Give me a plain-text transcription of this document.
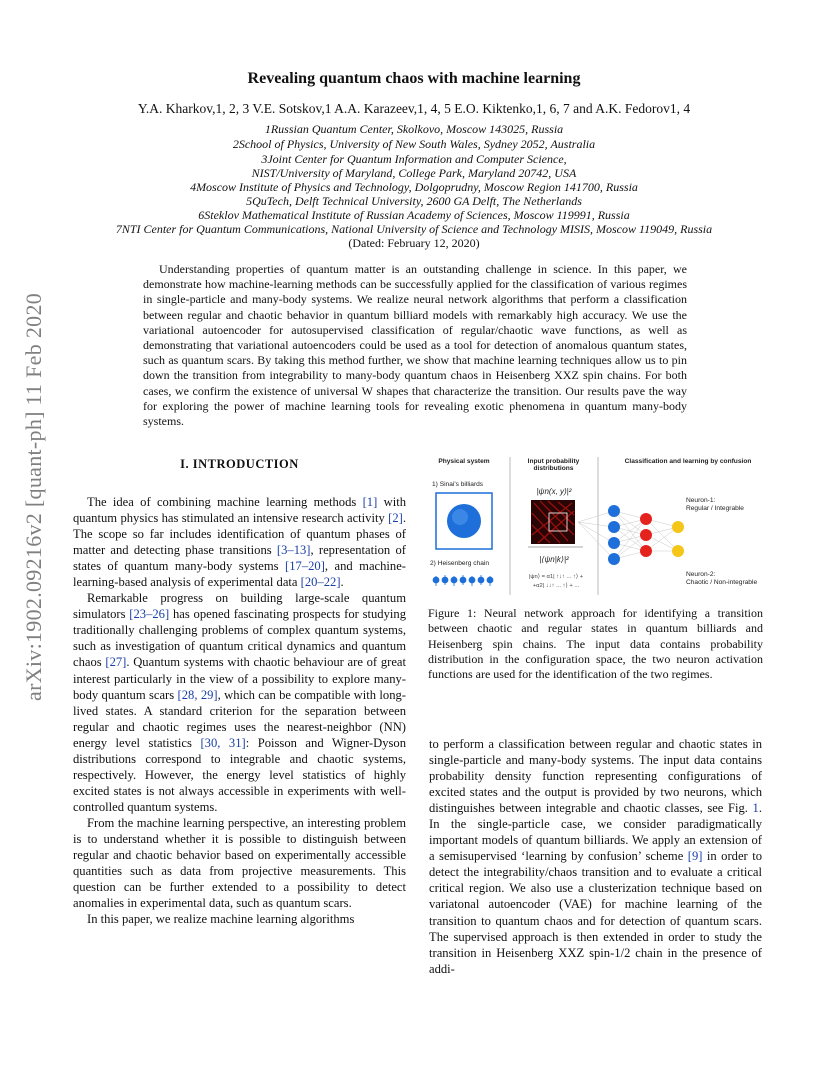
arXiv:1902.09216v2 [quant-ph] 11 Feb 2020
Revealing quantum chaos with machine learning
Y.A. Kharkov,1, 2, 3 V.E. Sotskov,1 A.A. Karazeev,1, 4, 5 E.O. Kiktenko,1, 6, 7 and A.K. Fedorov1, 4
1Russian Quantum Center, Skolkovo, Moscow 143025, Russia
2School of Physics, University of New South Wales, Sydney 2052, Australia
3Joint Center for Quantum Information and Computer Science,
NIST/University of Maryland, College Park, Maryland 20742, USA
4Moscow Institute of Physics and Technology, Dolgoprudny, Moscow Region 141700, Russia
5QuTech, Delft Technical University, 2600 GA Delft, The Netherlands
6Steklov Mathematical Institute of Russian Academy of Sciences, Moscow 119991, Russia
7NTI Center for Quantum Communications, National University of Science and Technology MISIS, Moscow 119049, Russia
(Dated: February 12, 2020)
Understanding properties of quantum matter is an outstanding challenge in science. In this paper, we demonstrate how machine-learning methods can be successfully applied for the classification of various regimes in single-particle and many-body systems. We realize neural network algorithms that perform a classification between regular and chaotic behavior in quantum billiard models with remarkably high accuracy. We use the variational autoencoder for autosupervised classification of regular/chaotic wave functions, as well as demonstrating that variational autoencoders could be used as a tool for detection of anomalous quantum states, such as quantum scars. By taking this method further, we show that machine learning techniques allow us to pin down the transition from integrability to many-body quantum chaos in Heisenberg XXZ spin chains. For both cases, we confirm the existence of universal W shapes that characterize the transition. Our results pave the way for exploring the power of machine learning tools for revealing exotic phenomena in quantum many-body systems.
I. INTRODUCTION

The idea of combining machine learning methods [1] with quantum physics has stimulated an intensive research activity [2]. The scope so far includes identification of quantum phases of matter and detecting phase transitions [3–13], representation of states of quantum many-body systems [17–20], and machine-learning-based analysis of experimental data [20–22].

Remarkable progress on building large-scale quantum simulators [23–26] has opened fascinating prospects for studying traditionally challenging problems of complex quantum systems, such as investigation of quantum critical dynamics and quantum chaos [27]. Quantum systems with chaotic behaviour are of great interest particularly in the view of a possibility to explore many-body quantum scars [28, 29], which can be compatible with long-lived states. A standard criterion for the separation between regular and chaotic regimes uses the nearest-neighbor (NN) energy level statistics [30, 31]: Poisson and Wigner-Dyson distributions correspond to integrable and chaotic systems, respectively. However, the energy level statistics of highly excited states is not always accessible in experiments with well-controlled quantum systems.

From the machine learning perspective, an interesting problem is to understand whether it is possible to distinguish between regular and chaotic behavior based on experimentally accessible quantities such as data from projective measurements. This question can be further extended to a possibility to detect anomalies in experimental data, such as quantum scars.

In this paper, we realize machine learning algorithms

Physical system	Input probability distributions
Classification and learning by confusion
1) Sinai's billiards
2) Heisenberg chain
|ψn(x, y)|²
|⟨ψn|k⟩|²
|ψn⟩ = α1| ↑↓↑ ... ↑⟩ +
+α2| ↓↓↑ ... ↑⟩ + ...
Neuron-1:
Regular / Integrable
Neuron-2:
Chaotic / Non-integrable
Figure 1: Neural network approach for identifying a transition between chaotic and regular states in quantum billiards and Heisenberg spin chains. The input data contains probability distribution in the configuration space, the two neuron activation functions are used for the identification of the two regimes.

to perform a classification between regular and chaotic states in single-particle and many-body systems. The input data contains probability density function representing configurations of excited states and the output is provided by two neurons, which distinguishes between integrable and chaotic classes, see Fig. 1. In the single-particle case, we consider paradigmatically important models of quantum billiards. We apply an extension of a semisupervised ‘learning by confusion’ scheme [9] in order to detect the integrability/chaos transition and to evaluate a critical critical region. We also use a clusterization technique based on variatonal autoencoder (VAE) for machine learning of the transition to quantum chaos and for detection of quantum scars. The supervised approach is then extended in order to study the transition in Heisenberg XXZ spin-1/2 chain in the presence of addi-
